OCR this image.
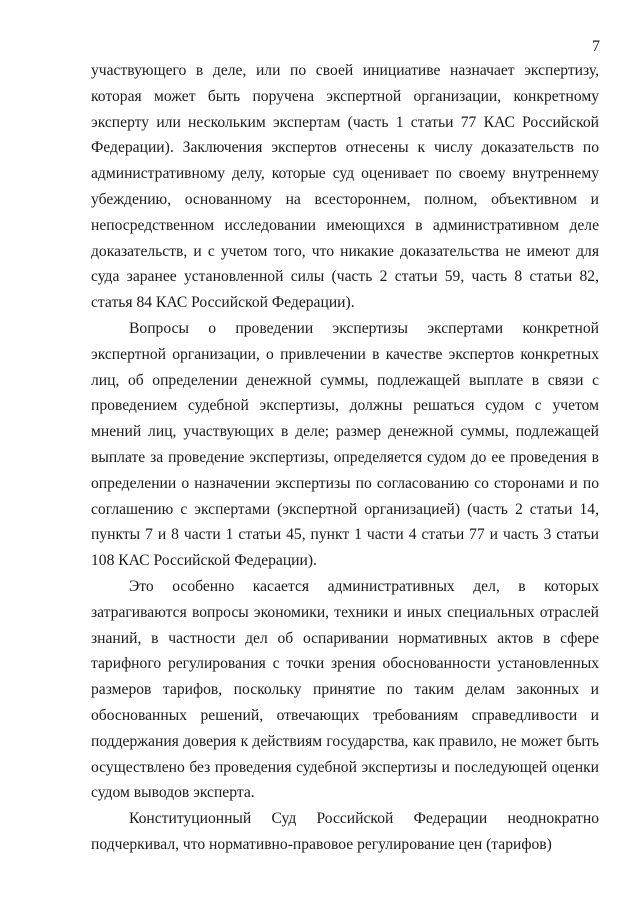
7

участвующего в деле, или по своей инициативе назначает экспертизу, которая может быть поручена экспертной организации, конкретному эксперту или нескольким экспертам (часть 1 статьи 77 КАС Российской Федерации). Заключения экспертов отнесены к числу доказательств по административному делу, которые суд оценивает по своему внутреннему убеждению, основанному на всестороннем, полном, объективном и непосредственном исследовании имеющихся в административном деле доказательств, и с учетом того, что никакие доказательства не имеют для суда заранее установленной силы (часть 2 статьи 59, часть 8 статьи 82, статья 84 КАС Российской Федерации).

Вопросы о проведении экспертизы экспертами конкретной экспертной организации, о привлечении в качестве экспертов конкретных лиц, об определении денежной суммы, подлежащей выплате в связи с проведением судебной экспертизы, должны решаться судом с учетом мнений лиц, участвующих в деле; размер денежной суммы, подлежащей выплате за проведение экспертизы, определяется судом до ее проведения в определении о назначении экспертизы по согласованию со сторонами и по соглашению с экспертами (экспертной организацией) (часть 2 статьи 14, пункты 7 и 8 части 1 статьи 45, пункт 1 части 4 статьи 77 и часть 3 статьи 108 КАС Российской Федерации).

Это особенно касается административных дел, в которых затрагиваются вопросы экономики, техники и иных специальных отраслей знаний, в частности дел об оспаривании нормативных актов в сфере тарифного регулирования с точки зрения обоснованности установленных размеров тарифов, поскольку принятие по таким делам законных и обоснованных решений, отвечающих требованиям справедливости и поддержания доверия к действиям государства, как правило, не может быть осуществлено без проведения судебной экспертизы и последующей оценки судом выводов эксперта.

Конституционный Суд Российской Федерации неоднократно подчеркивал, что нормативно-правовое регулирование цен (тарифов)
